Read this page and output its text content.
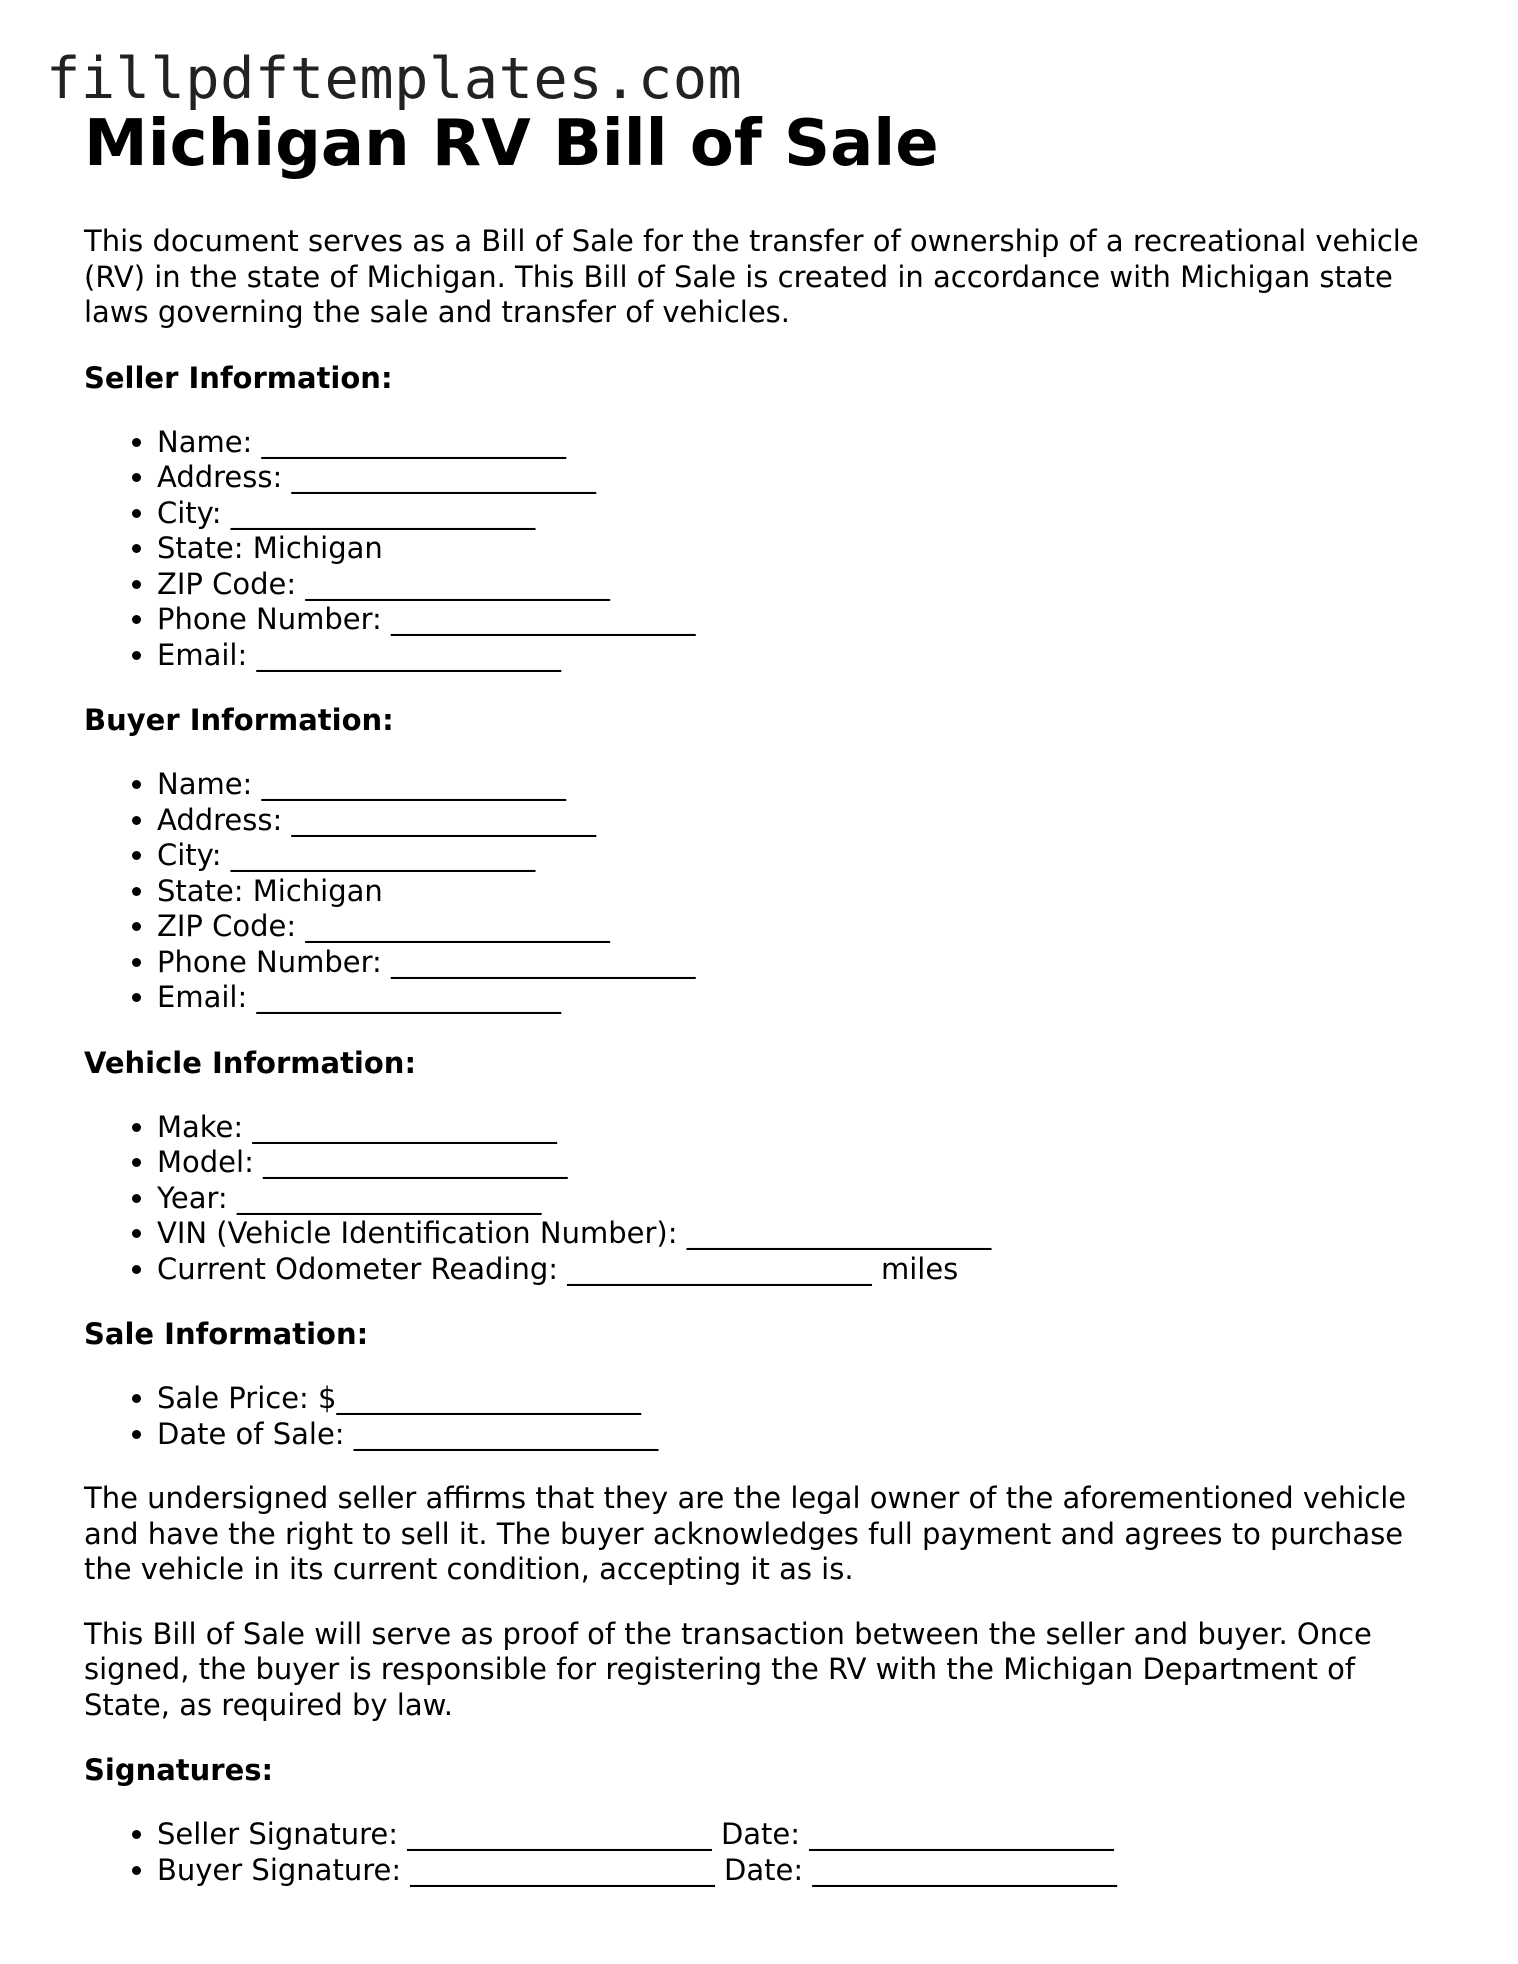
fillpdftemplates.com
Michigan RV Bill of Sale

This document serves as a Bill of Sale for the transfer of ownership of a recreational vehicle (RV) in the state of Michigan. This Bill of Sale is created in accordance with Michigan state laws governing the sale and transfer of vehicles.

Seller Information:
• Name: _____________________
• Address: _____________________
• City: _____________________
• State: Michigan
• ZIP Code: _____________________
• Phone Number: _____________________
• Email: _____________________
Buyer Information:
• Name: _____________________
• Address: _____________________
• City: _____________________
• State: Michigan
• ZIP Code: _____________________
• Phone Number: _____________________
• Email: _____________________
Vehicle Information:
• Make: _____________________
• Model: _____________________
• Year: _____________________
• VIN (Vehicle Identification Number): _____________________
• Current Odometer Reading: _____________________ miles
Sale Information:
• Sale Price: $_____________________
• Date of Sale: _____________________

The undersigned seller affirms that they are the legal owner of the aforementioned vehicle and have the right to sell it. The buyer acknowledges full payment and agrees to purchase the vehicle in its current condition, accepting it as is.

This Bill of Sale will serve as proof of the transaction between the seller and buyer. Once signed, the buyer is responsible for registering the RV with the Michigan Department of State, as required by law.

Signatures:
• Seller Signature: _____________________ Date: _____________________
• Buyer Signature: _____________________ Date: _____________________
